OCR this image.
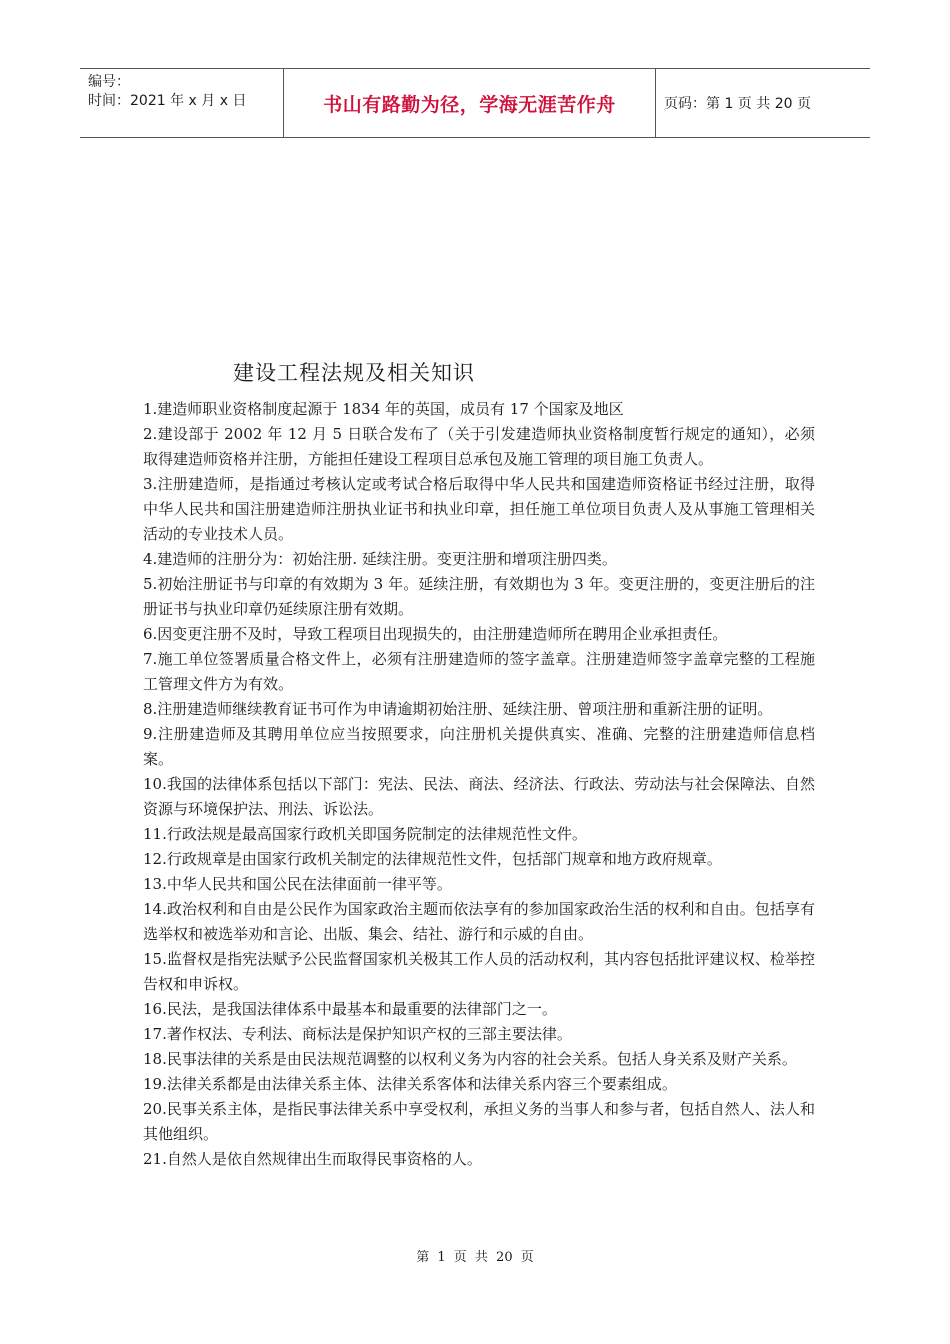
编号：
时间：2021 年 x 月 x 日	书山有路勤为径，学海无涯苦作舟	页码：第 1 页 共 20 页
建设工程法规及相关知识

1.建造师职业资格制度起源于 1834 年的英国，成员有 17 个国家及地区

2.建设部于 2002 年 12 月 5 日联合发布了（关于引发建造师执业资格制度暂行规定的通知），必须取得建造师资格并注册，方能担任建设工程项目总承包及施工管理的项目施工负责人。

3.注册建造师，是指通过考核认定或考试合格后取得中华人民共和国建造师资格证书经过注册，取得中华人民共和国注册建造师注册执业证书和执业印章，担任施工单位项目负责人及从事施工管理相关活动的专业技术人员。

4.建造师的注册分为：初始注册. 延续注册。变更注册和增项注册四类。

5.初始注册证书与印章的有效期为 3 年。延续注册，有效期也为 3 年。变更注册的，变更注册后的注册证书与执业印章仍延续原注册有效期。

6.因变更注册不及时，导致工程项目出现损失的，由注册建造师所在聘用企业承担责任。

7.施工单位签署质量合格文件上，必须有注册建造师的签字盖章。注册建造师签字盖章完整的工程施工管理文件方为有效。

8.注册建造师继续教育证书可作为申请逾期初始注册、延续注册、曾项注册和重新注册的证明。

9.注册建造师及其聘用单位应当按照要求，向注册机关提供真实、准确、完整的注册建造师信息档案。

10.我国的法律体系包括以下部门：宪法、民法、商法、经济法、行政法、劳动法与社会保障法、自然资源与环境保护法、刑法、诉讼法。

11.行政法规是最高国家行政机关即国务院制定的法律规范性文件。

12.行政规章是由国家行政机关制定的法律规范性文件，包括部门规章和地方政府规章。

13.中华人民共和国公民在法律面前一律平等。

14.政治权利和自由是公民作为国家政治主题而依法享有的参加国家政治生活的权利和自由。包括享有选举权和被选举劝和言论、出版、集会、结社、游行和示威的自由。

15.监督权是指宪法赋予公民监督国家机关极其工作人员的活动权利，其内容包括批评建议权、检举控告权和申诉权。

16.民法，是我国法律体系中最基本和最重要的法律部门之一。

17.著作权法、专利法、商标法是保护知识产权的三部主要法律。

18.民事法律的关系是由民法规范调整的以权利义务为内容的社会关系。包括人身关系及财产关系。

19.法律关系都是由法律关系主体、法律关系客体和法律关系内容三个要素组成。

20.民事关系主体，是指民事法律关系中享受权利，承担义务的当事人和参与者，包括自然人、法人和其他组织。

21.自然人是依自然规律出生而取得民事资格的人。

第 1 页 共 20 页
